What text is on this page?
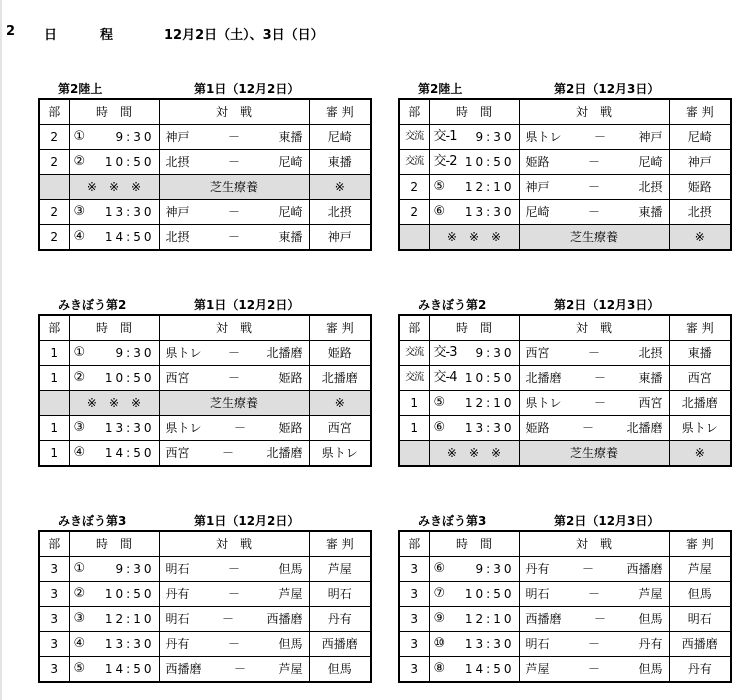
2 日	程	12月2日（土）、3日（日）
第2陸上	第1日（12月2日）
部	時　間	対　戦	審 判
2	① 9:30	神戸 － 東播	尼崎
2	② 10:50	北摂 － 尼崎	東播
	※　※　※	芝生療養	※
2	③ 13:30	神戸 － 尼崎	北摂
2	④ 14:50	北摂 － 東播	神戸
第2陸上	第2日（12月3日）
部	時　間	対　戦	審 判
交流	交-1 9:30	県トレ － 神戸	尼崎
交流	交-2 10:50	姫路 － 尼崎	神戸
2	⑤ 12:10	神戸 － 北摂	姫路
2	⑥ 13:30	尼崎 － 東播	北摂
	※　※　※	芝生療養	※
みきぼう第2	第1日（12月2日）
部	時　間	対　戦	審 判
1	① 9:30	県トレ － 北播磨	姫路
1	② 10:50	西宮 － 姫路	北播磨
	※　※　※	芝生療養	※
1	③ 13:30	県トレ － 姫路	西宮
1	④ 14:50	西宮 － 北播磨	県トレ
みきぼう第2	第2日（12月3日）
部	時　間	対　戦	審 判
交流	交-3 9:30	西宮 － 北摂	東播
交流	交-4 10:50	北播磨 － 東播	西宮
1	⑤ 12:10	県トレ － 西宮	北播磨
1	⑥ 13:30	姫路 － 北播磨	県トレ
	※　※　※	芝生療養	※
みきぼう第3	第1日（12月2日）
部	時　間	対　戦	審 判
3	① 9:30	明石 － 但馬	芦屋
3	② 10:50	丹有 － 芦屋	明石
3	③ 12:10	明石 － 西播磨	丹有
3	④ 13:30	丹有 － 但馬	西播磨
3	⑤ 14:50	西播磨 － 芦屋	但馬
みきぼう第3	第2日（12月3日）
部	時　間	対　戦	審 判
3	⑥ 9:30	丹有 － 西播磨	芦屋
3	⑦ 10:50	明石 － 芦屋	但馬
3	⑨ 12:10	西播磨 － 但馬	明石
3	⑩ 13:30	明石 － 丹有	西播磨
3	⑧ 14:50	芦屋 － 但馬	丹有
